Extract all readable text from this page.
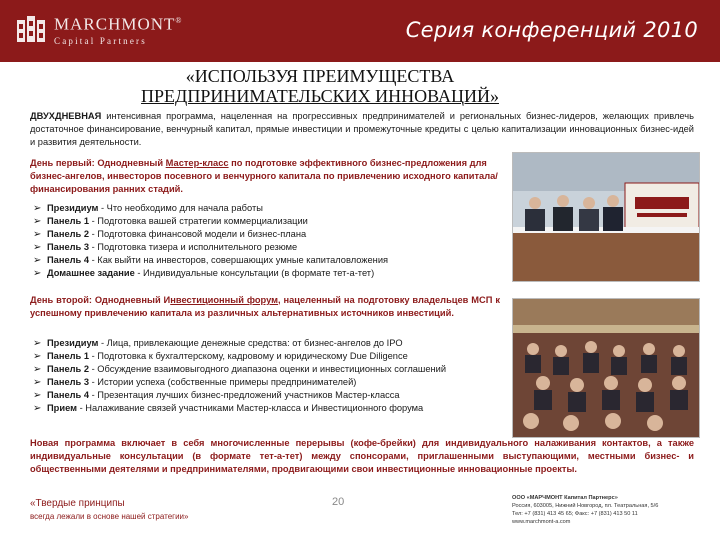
MARCHMONT®
Capital Partners	Серия конференций 2010
«ИСПОЛЬЗУЯ ПРЕИМУЩЕСТВА
ПРЕДПРИНИМАТЕЛЬСКИХ ИННОВАЦИЙ»
ДВУХДНЕВНАЯ интенсивная программа, нацеленная на прогрессивных предпринимателей и региональных бизнес-лидеров, желающих привлечь достаточное финансирование, венчурный капитал, прямые инвестиции и промежуточные кредиты с целью капитализации инновационных бизнес-идей и развития деятельности.
День первый: Однодневный Мастер-класс по подготовке эффективного бизнес-предложения для бизнес-ангелов, инвесторов посевного и венчурного капитала по привлечению исходного капитала/финансирования ранних стадий.
➢ Президиум - Что необходимо для начала работы
➢ Панель 1 - Подготовка вашей стратегии коммерциализации
➢ Панель 2 - Подготовка финансовой модели и бизнес-плана
➢ Панель 3 - Подготовка тизера и исполнительного резюме
➢ Панель 4 - Как выйти на инвесторов, совершающих умные капиталовложения
➢ Домашнее задание - Индивидуальные консультации (в формате тет-а-тет)
День второй: Однодневный Инвестиционный форум, нацеленный на подготовку владельцев МСП к успешному привлечению капитала из различных альтернативных источников инвестиций.
➢ Президиум - Лица, привлекающие денежные средства: от бизнес-ангелов до IPO
➢ Панель 1 - Подготовка к бухгалтерскому, кадровому и юридическому Due Diligence
➢ Панель 2 - Обсуждение взаимовыгодного диапазона оценки и инвестиционных соглашений
➢ Панель 3 - Истории успеха (собственные примеры предпринимателей)
➢ Панель 4 - Презентация лучших бизнес-предложений участников Мастер-класса
➢ Прием - Налаживание связей участниками Мастер-класса и Инвестиционного форума
Новая программа включает в себя многочисленные перерывы (кофе-брейки) для индивидуального налаживания контактов, а также индивидуальные консультации (в формате тет-а-тет) между спонсорами, приглашенными выступающими, местными бизнес- и общественными деятелями и предпринимателями, продвигающими свои инвестиционные инновационные проекты.
«Твердые принципы
всегда лежали в основе нашей стратегии»
20	ООО «МАРЧМОНТ Капитал Партнерс»
Россия, 603005, Нижний Новгород, пл. Театральная, 5/6
Тел: +7 (831) 413 45 65; Факс: +7 (831) 413 50 11
www.marchmont-a.com
